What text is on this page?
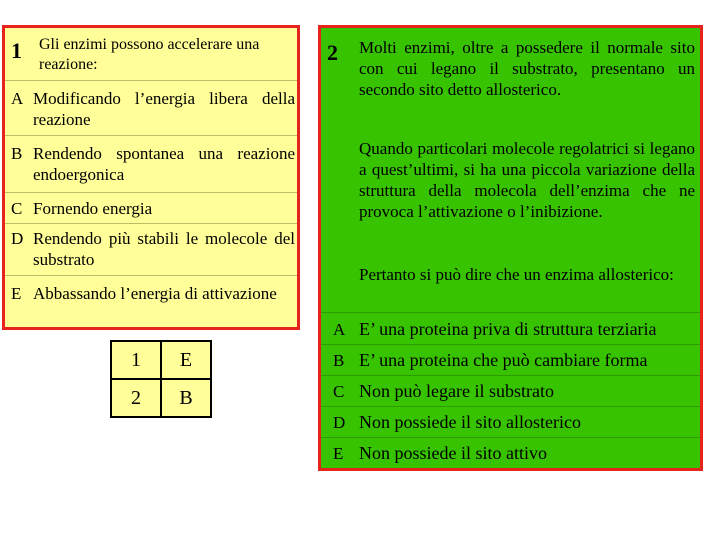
1 Gli enzimi possono accelerare una reazione:
A Modificando l’energia libera della reazione
B Rendendo spontanea una reazione endoergonica
C Fornendo energia
D Rendendo più stabili le molecole del substrato
E Abbassando l’energia di attivazione
1	E
2	B
2 Molti enzimi, oltre a possedere il normale sito con cui legano il substrato, presentano un secondo sito detto allosterico.
Quando particolari molecole regolatrici si legano a quest’ultimi, si ha una piccola variazione della struttura della molecola dell’enzima che ne provoca l’attivazione o l’inibizione.
Pertanto si può dire che un enzima allosterico:
A E’ una proteina priva di struttura terziaria
B E’ una proteina che può cambiare forma
C Non può legare il substrato
D Non possiede il sito allosterico
E Non possiede il sito attivo
